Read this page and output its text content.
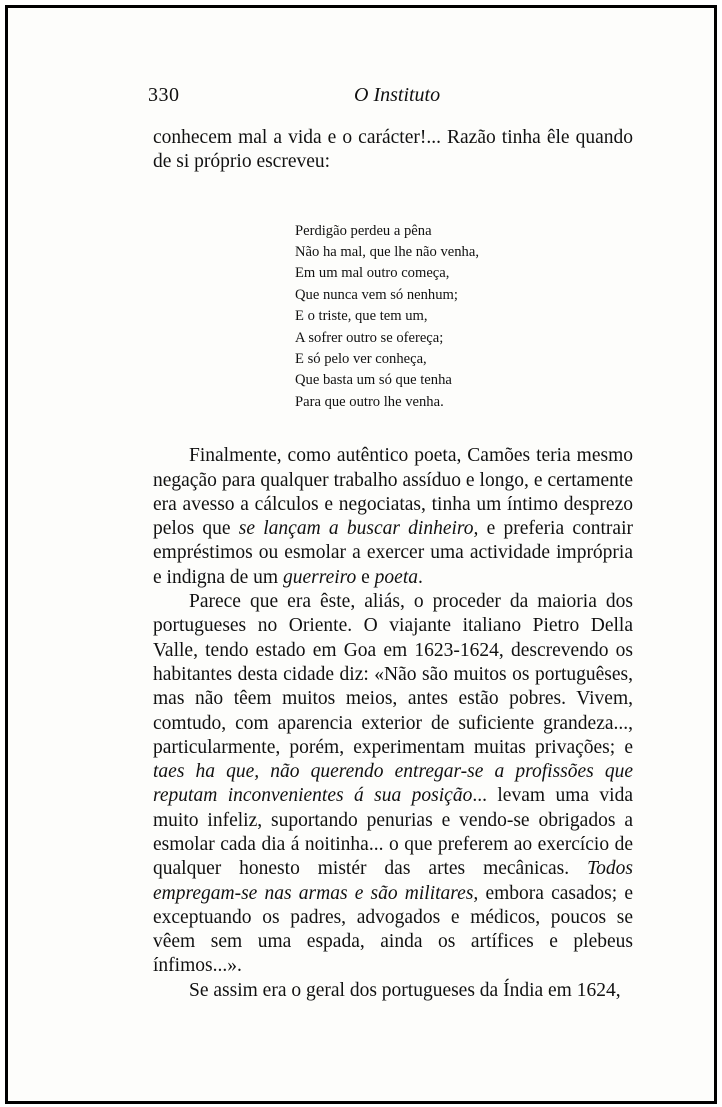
330	O Instituto

conhecem mal a vida e o carácter!... Razão tinha êle quando

de si próprio escreveu:

Perdigão perdeu a pêna
Não ha mal, que lhe não venha,
Em um mal outro começa,
Que nunca vem só nenhum;
E o triste, que tem um,
A sofrer outro se ofereça;
E só pelo ver conheça,
Que basta um só que tenha
Para que outro lhe venha.

Finalmente, como autêntico poeta, Camões teria mesmo negação para qualquer trabalho assíduo e longo, e certamente era avesso a cálculos e negociatas, tinha um íntimo desprezo pelos que se lançam a buscar dinheiro, e preferia contrair empréstimos ou esmolar a exercer uma actividade imprópria e indigna de um guerreiro e poeta.

Parece que era êste, aliás, o proceder da maioria dos portugueses no Oriente. O viajante italiano Pietro Della Valle, tendo estado em Goa em 1623-1624, descrevendo os habitantes desta cidade diz: «Não são muitos os portuguêses, mas não têem muitos meios, antes estão pobres. Vivem, comtudo, com aparencia exterior de suficiente grandeza..., particularmente, porém, experimentam muitas privações; e taes ha que, não querendo entregar-se a profissões que reputam inconvenientes á sua posição... levam uma vida muito infeliz, suportando penurias e vendo-se obrigados a esmolar cada dia á noitinha... o que preferem ao exercício de qualquer honesto mistér das artes mecânicas. Todos empregam-se nas armas e são militares, embora casados; e exceptuando os padres, advogados e médicos, poucos se vêem sem uma espada, ainda os artífices e plebeus ínfimos...».

Se assim era o geral dos portugueses da Índia em 1624,
